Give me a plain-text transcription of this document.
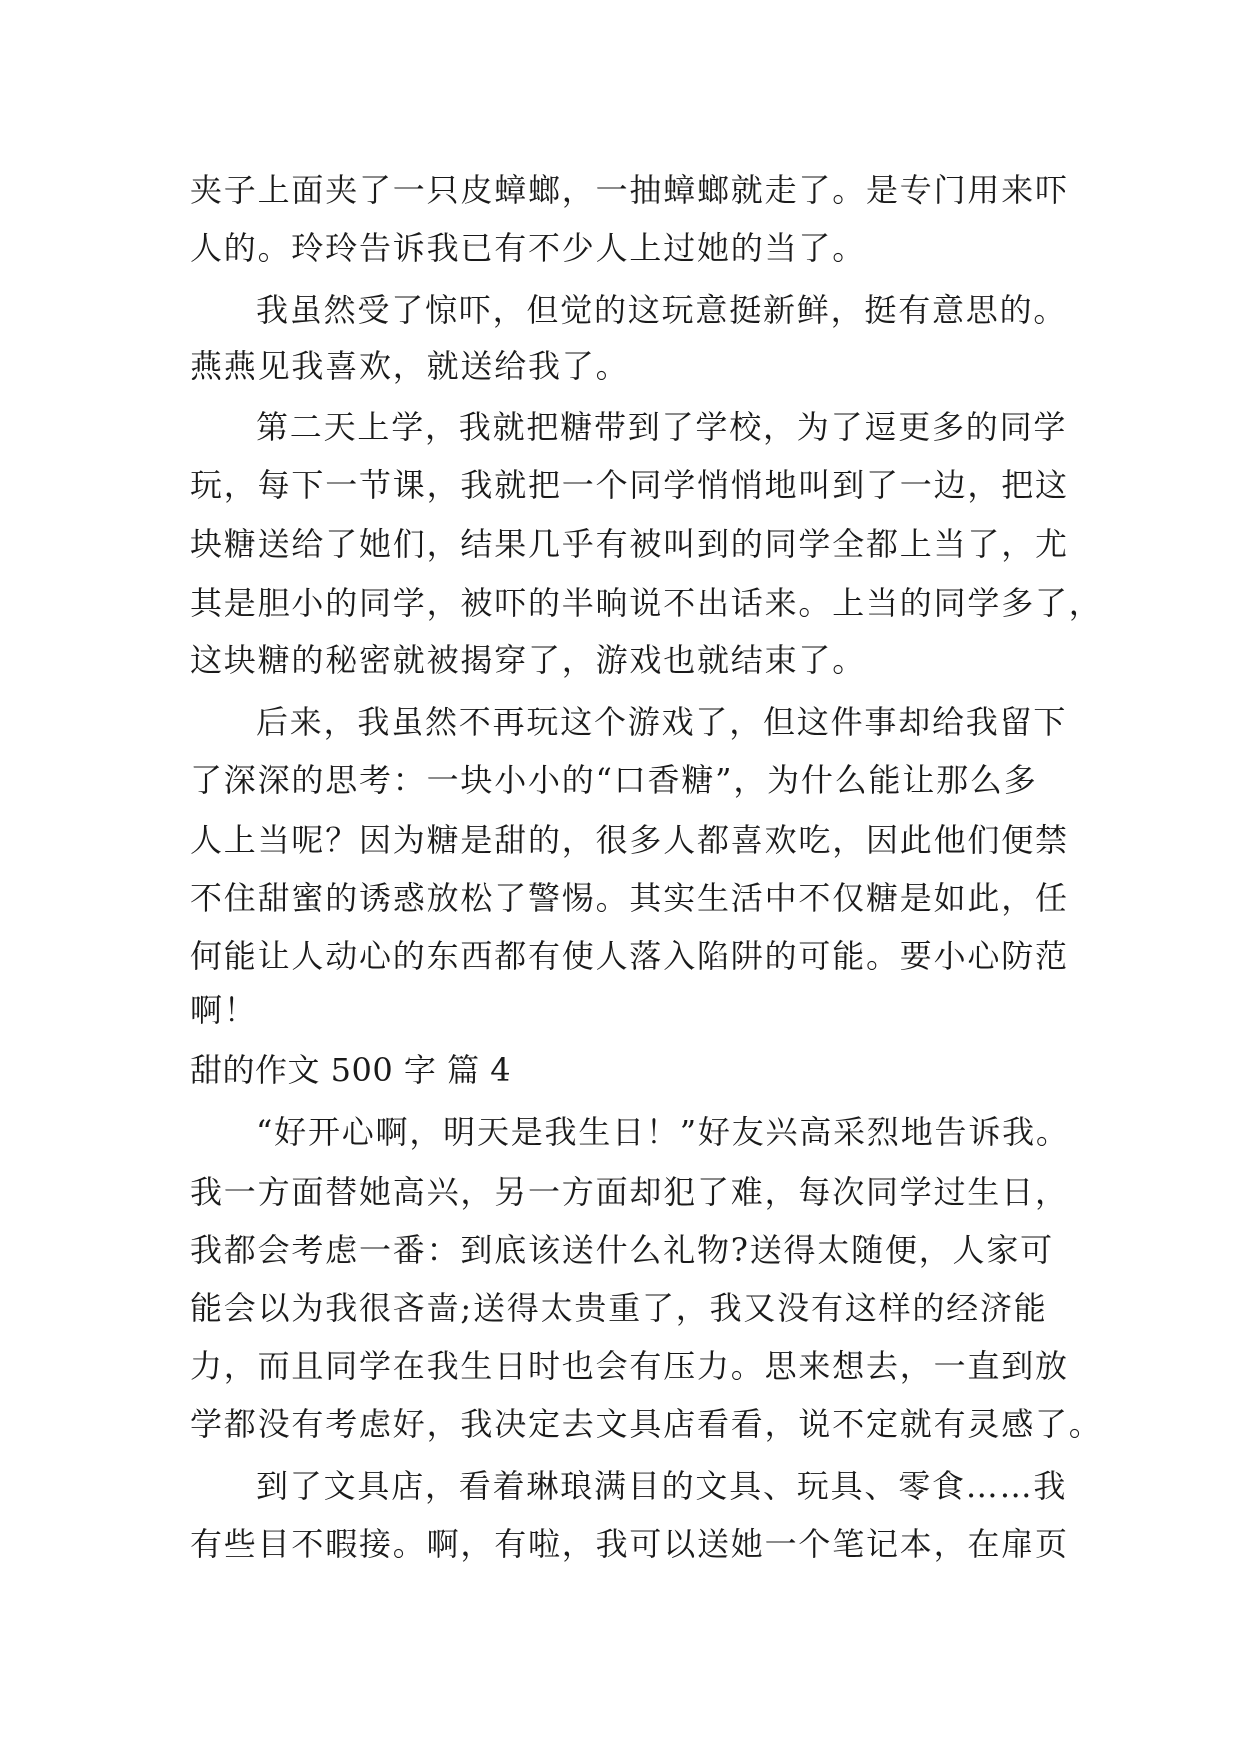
夹子上面夹了一只皮蟑螂，一抽蟑螂就走了。是专门用来吓
人的。玲玲告诉我已有不少人上过她的当了。
我虽然受了惊吓，但觉的这玩意挺新鲜，挺有意思的。
燕燕见我喜欢，就送给我了。
第二天上学，我就把糖带到了学校，为了逗更多的同学
玩，每下一节课，我就把一个同学悄悄地叫到了一边，把这
块糖送给了她们，结果几乎有被叫到的同学全都上当了，尤
其是胆小的同学，被吓的半晌说不出话来。上当的同学多了，
这块糖的秘密就被揭穿了，游戏也就结束了。
后来，我虽然不再玩这个游戏了，但这件事却给我留下
了深深的思考：一块小小的“口香糖”，为什么能让那么多
人上当呢？因为糖是甜的，很多人都喜欢吃，因此他们便禁
不住甜蜜的诱惑放松了警惕。其实生活中不仅糖是如此，任
何能让人动心的东西都有使人落入陷阱的可能。要小心防范
啊！
甜的作文 500 字 篇 4
“好开心啊，明天是我生日！”好友兴高采烈地告诉我。
我一方面替她高兴，另一方面却犯了难，每次同学过生日，
我都会考虑一番：到底该送什么礼物?送得太随便，人家可
能会以为我很吝啬;送得太贵重了，我又没有这样的经济能
力，而且同学在我生日时也会有压力。思来想去，一直到放
学都没有考虑好，我决定去文具店看看，说不定就有灵感了。
到了文具店，看着琳琅满目的文具、玩具、零食……我
有些目不暇接。啊，有啦，我可以送她一个笔记本，在扉页
